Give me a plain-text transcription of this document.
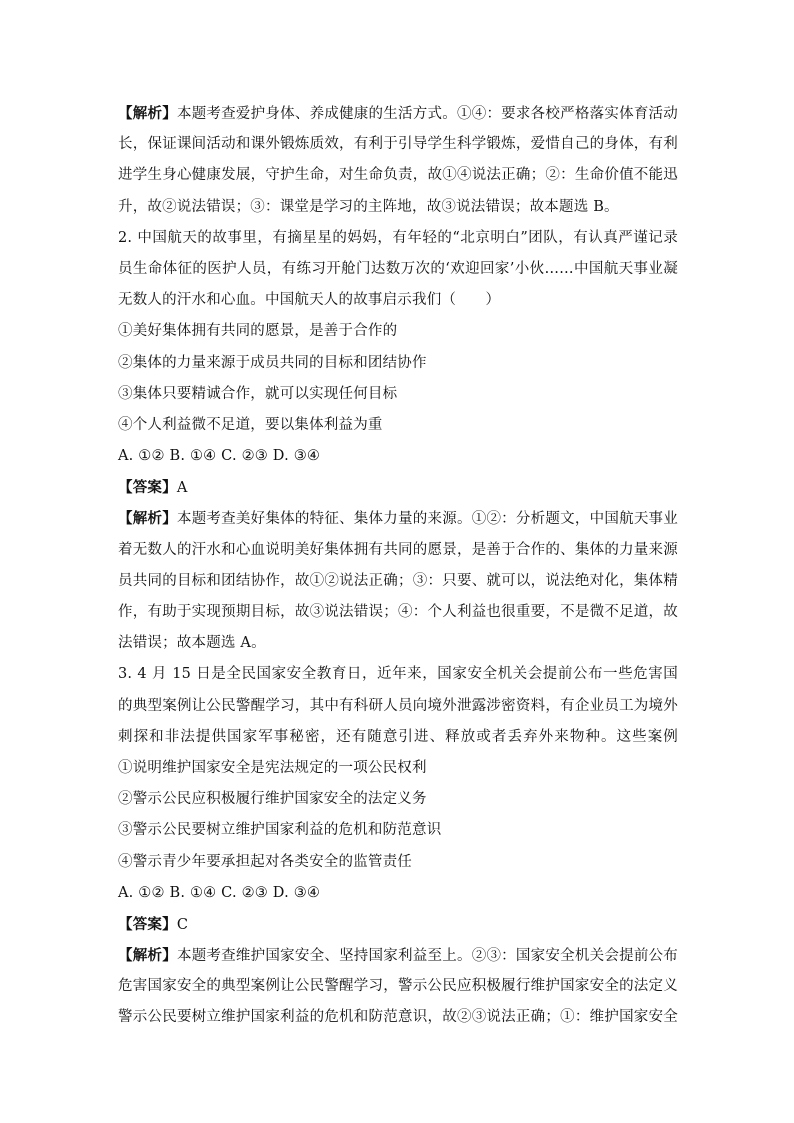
【解析】本题考查爱护身体、养成健康的生活方式。①④：要求各校严格落实体育活动
长，保证课间活动和课外锻炼质效，有利于引导学生科学锻炼，爱惜自己的身体，有利
进学生身心健康发展，守护生命，对生命负责，故①④说法正确；②：生命价值不能迅
升，故②说法错误；③：课堂是学习的主阵地，故③说法错误；故本题选 B。
2. 中国航天的故事里，有摘星星的妈妈，有年轻的“北京明白”团队，有认真严谨记录
员生命体征的医护人员，有练习开舱门达数万次的‘欢迎回家’小伙……中国航天事业凝
无数人的汗水和心血。中国航天人的故事启示我们（　　）
①美好集体拥有共同的愿景，是善于合作的
②集体的力量来源于成员共同的目标和团结协作
③集体只要精诚合作，就可以实现任何目标
④个人利益微不足道，要以集体利益为重
A. ①② B. ①④ C. ②③ D. ③④
【答案】A
【解析】本题考查美好集体的特征、集体力量的来源。①②：分析题文，中国航天事业
着无数人的汗水和心血说明美好集体拥有共同的愿景，是善于合作的、集体的力量来源
员共同的目标和团结协作，故①②说法正确；③：只要、就可以，说法绝对化，集体精
作，有助于实现预期目标，故③说法错误；④：个人利益也很重要，不是微不足道，故
法错误；故本题选 A。
3. 4 月 15 日是全民国家安全教育日，近年来，国家安全机关会提前公布一些危害国
的典型案例让公民警醒学习，其中有科研人员向境外泄露涉密资料，有企业员工为境外
刺探和非法提供国家军事秘密，还有随意引进、释放或者丢弃外来物种。这些案例　　
①说明维护国家安全是宪法规定的一项公民权利
②警示公民应积极履行维护国家安全的法定义务
③警示公民要树立维护国家利益的危机和防范意识
④警示青少年要承担起对各类安全的监管责任
A. ①② B. ①④ C. ②③ D. ③④
【答案】C
【解析】本题考查维护国家安全、坚持国家利益至上。②③：国家安全机关会提前公布
危害国家安全的典型案例让公民警醒学习，警示公民应积极履行维护国家安全的法定义
警示公民要树立维护国家利益的危机和防范意识，故②③说法正确；①：维护国家安全
